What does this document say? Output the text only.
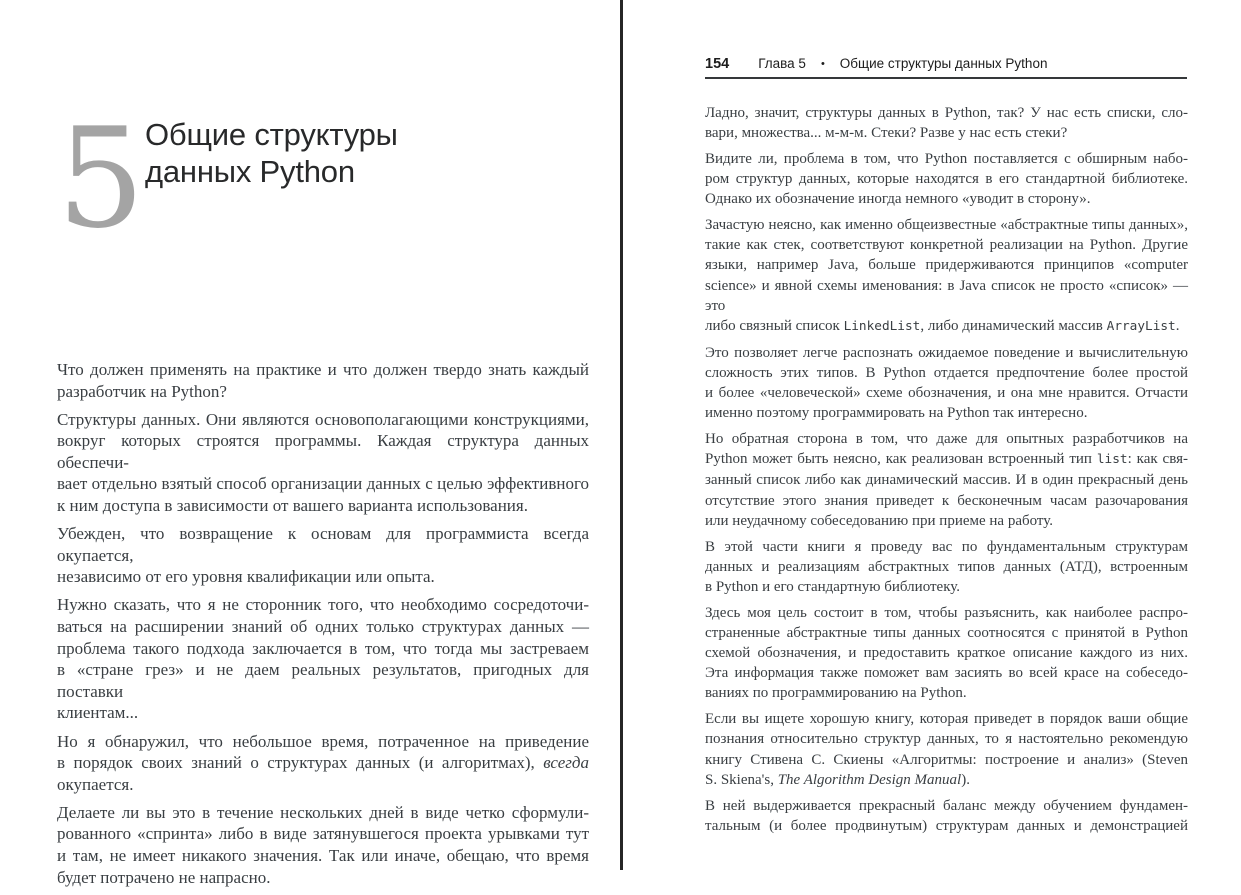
5 Общие структуры
данных Python
Что должен применять на практике и что должен твердо знать каждый
разработчик на Python?
Структуры данных. Они являются основополагающими конструкциями,
вокруг которых строятся программы. Каждая структура данных обеспечи-
вает отдельно взятый способ организации данных с целью эффективного
к ним доступа в зависимости от вашего варианта использования.
Убежден, что возвращение к основам для программиста всегда окупается,
независимо от его уровня квалификации или опыта.
Нужно сказать, что я не сторонник того, что необходимо сосредоточи-
ваться на расширении знаний об одних только структурах данных —
проблема такого подхода заключается в том, что тогда мы застреваем
в «стране грез» и не даем реальных результатов, пригодных для поставки
клиентам...
Но я обнаружил, что небольшое время, потраченное на приведение
в порядок своих знаний о структурах данных (и алгоритмах), всегда
окупается.
Делаете ли вы это в течение нескольких дней в виде четко сформули-
рованного «спринта» либо в виде затянувшегося проекта урывками тут
и там, не имеет никакого значения. Так или иначе, обещаю, что время
будет потрачено не напрасно.
154 Глава 5 • Общие структуры данных Python
Ладно, значит, структуры данных в Python, так? У нас есть списки, сло-
вари, множества... м-м-м. Стеки? Разве у нас есть стеки?
Видите ли, проблема в том, что Python поставляется с обширным набо-
ром структур данных, которые находятся в его стандартной библиотеке.
Однако их обозначение иногда немного «уводит в сторону».
Зачастую неясно, как именно общеизвестные «абстрактные типы данных»,
такие как стек, соответствуют конкретной реализации на Python. Другие
языки, например Java, больше придерживаются принципов «computer
science» и явной схемы именования: в Java список не просто «список» — это
либо связный список LinkedList, либо динамический массив ArrayList.
Это позволяет легче распознать ожидаемое поведение и вычислительную
сложность этих типов. В Python отдается предпочтение более простой
и более «человеческой» схеме обозначения, и она мне нравится. Отчасти
именно поэтому программировать на Python так интересно.
Но обратная сторона в том, что даже для опытных разработчиков на
Python может быть неясно, как реализован встроенный тип list: как свя-
занный список либо как динамический массив. И в один прекрасный день
отсутствие этого знания приведет к бесконечным часам разочарования
или неудачному собеседованию при приеме на работу.
В этой части книги я проведу вас по фундаментальным структурам
данных и реализациям абстрактных типов данных (АТД), встроенным
в Python и его стандартную библиотеку.
Здесь моя цель состоит в том, чтобы разъяснить, как наиболее распро-
страненные абстрактные типы данных соотносятся с принятой в Python
схемой обозначения, и предоставить краткое описание каждого из них.
Эта информация также поможет вам засиять во всей красе на собеседо-
ваниях по программированию на Python.
Если вы ищете хорошую книгу, которая приведет в порядок ваши общие
познания относительно структур данных, то я настоятельно рекомендую
книгу Стивена С. Скиены «Алгоритмы: построение и анализ» (Steven
S. Skiena's, The Algorithm Design Manual).
В ней выдерживается прекрасный баланс между обучением фундамен-
тальным (и более продвинутым) структурам данных и демонстрацией
